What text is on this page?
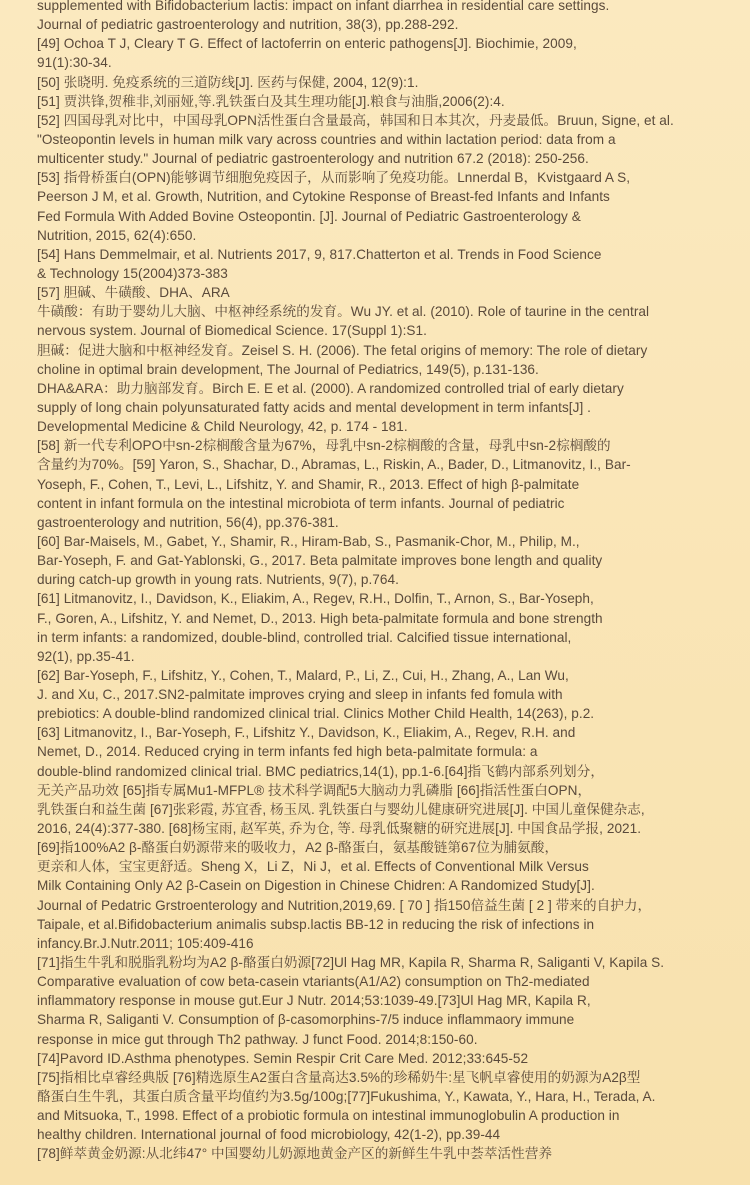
supplemented with Bifidobacterium lactis: impact on infant diarrhea in residential care settings.
Journal of pediatric gastroenterology and nutrition, 38(3), pp.288-292.
[49] Ochoa T J, Cleary T G. Effect of lactoferrin on enteric pathogens[J]. Biochimie, 2009,
91(1):30-34.
[50] 张晓明. 免疫系统的三道防线[J]. 医药与保健, 2004, 12(9):1.
[51] 贾洪锋,贺稚非,刘丽娅,等.乳铁蛋白及其生理功能[J].粮食与油脂,2006(2):4.
[52] 四国母乳对比中，中国母乳OPN活性蛋白含量最高，韩国和日本其次，丹麦最低。Bruun, Signe, et al.
"Osteopontin levels in human milk vary across countries and within lactation period: data from a
multicenter study." Journal of pediatric gastroenterology and nutrition 67.2 (2018): 250-256.
[53] 指骨桥蛋白(OPN)能够调节细胞免疫因子，从而影响了免疫功能。Lnnerdal B，Kvistgaard A S,
Peerson J M, et al. Growth, Nutrition, and Cytokine Response of Breast-fed Infants and Infants
Fed Formula With Added Bovine Osteopontin. [J]. Journal of Pediatric Gastroenterology &
Nutrition, 2015, 62(4):650.
[54] Hans Demmelmair, et al. Nutrients 2017, 9, 817.Chatterton et al. Trends in Food Science
& Technology 15(2004)373-383
[57] 胆碱、牛磺酸、DHA、ARA
牛磺酸：有助于婴幼儿大脑、中枢神经系统的发育。Wu JY. et al. (2010). Role of taurine in the central
nervous system. Journal of Biomedical Science. 17(Suppl 1):S1.
胆碱：促进大脑和中枢神经发育。Zeisel S. H. (2006). The fetal origins of memory: The role of dietary
choline in optimal brain development, The Journal of Pediatrics, 149(5), p.131-136.
DHA&ARA：助力脑部发育。Birch E. E et al. (2000). A randomized controlled trial of early dietary
supply of long chain polyunsaturated fatty acids and mental development in term infants[J] .
Developmental Medicine & Child Neurology, 42, p. 174 - 181.
[58] 新一代专利OPO中sn-2棕榈酸含量为67%，母乳中sn-2棕榈酸的含量，母乳中sn-2棕榈酸的
含量约为70%。[59] Yaron, S., Shachar, D., Abramas, L., Riskin, A., Bader, D., Litmanovitz, I., Bar-
Yoseph, F., Cohen, T., Levi, L., Lifshitz, Y. and Shamir, R., 2013. Effect of high β-palmitate
content in infant formula on the intestinal microbiota of term infants. Journal of pediatric
gastroenterology and nutrition, 56(4), pp.376-381.
[60] Bar-Maisels, M., Gabet, Y., Shamir, R., Hiram-Bab, S., Pasmanik-Chor, M., Philip, M.,
Bar-Yoseph, F. and Gat-Yablonski, G., 2017. Beta palmitate improves bone length and quality
during catch-up growth in young rats. Nutrients, 9(7), p.764.
[61] Litmanovitz, I., Davidson, K., Eliakim, A., Regev, R.H., Dolfin, T., Arnon, S., Bar-Yoseph,
F., Goren, A., Lifshitz, Y. and Nemet, D., 2013. High beta-palmitate formula and bone strength
in term infants: a randomized, double-blind, controlled trial. Calcified tissue international,
92(1), pp.35-41.
[62] Bar-Yoseph, F., Lifshitz, Y., Cohen, T., Malard, P., Li, Z., Cui, H., Zhang, A., Lan Wu,
J. and Xu, C., 2017.SN2-palmitate improves crying and sleep in infants fed fomula with
prebiotics: A double-blind randomized clinical trial. Clinics Mother Child Health, 14(263), p.2.
[63] Litmanovitz, I., Bar-Yoseph, F., Lifshitz Y., Davidson, K., Eliakim, A., Regev, R.H. and
Nemet, D., 2014. Reduced crying in term infants fed high beta-palmitate formula: a
double-blind randomized clinical trial. BMC pediatrics,14(1), pp.1-6.[64]指飞鹤内部系列划分，
无关产品功效 [65]指专属Mu1-MFPL® 技术科学调配5大脑动力乳磷脂 [66]指活性蛋白OPN，
乳铁蛋白和益生菌 [67]张彩霞, 苏宜香, 杨玉凤. 乳铁蛋白与婴幼儿健康研究进展[J]. 中国儿童保健杂志,
2016, 24(4):377-380. [68]杨宝雨, 赵军英, 乔为仓, 等. 母乳低聚糖的研究进展[J]. 中国食品学报, 2021.
[69]指100%A2 β-酪蛋白奶源带来的吸收力，A2 β-酪蛋白，氨基酸链第67位为脯氨酸，
更亲和人体，宝宝更舒适。Sheng X，Li Z，Ni J，et al. Effects of Conventional Milk Versus
Milk Containing Only A2 β-Casein on Digestion in Chinese Chidren: A Randomized Study[J].
Journal of Pedatric Grstroenterology and Nutrition,2019,69. [ 70 ] 指150倍益生菌 [ 2 ] 带来的自护力，
Taipale, et al.Bifidobacterium animalis subsp.lactis BB-12 in reducing the risk of infections in
infancy.Br.J.Nutr.2011; 105:409-416
[71]指生牛乳和脱脂乳粉均为A2 β-酪蛋白奶源[72]Ul Hag MR, Kapila R, Sharma R, Saliganti V, Kapila S.
Comparative evaluation of cow beta-casein vtariants(A1/A2) consumption on Th2-mediated
inflammatory response in mouse gut.Eur J Nutr. 2014;53:1039-49.[73]Ul Hag MR, Kapila R,
Sharma R, Saliganti V. Consumption of β-casomorphins-7/5 induce inflammaory immune
response in mice gut through Th2 pathway. J funct Food. 2014;8:150-60.
[74]Pavord ID.Asthma phenotypes. Semin Respir Crit Care Med. 2012;33:645-52
[75]指相比卓睿经典版 [76]精选原生A2蛋白含量高达3.5%的珍稀奶牛:星飞帆卓睿使用的奶源为A2β型
酪蛋白生牛乳，其蛋白质含量平均值约为3.5g/100g;[77]Fukushima, Y., Kawata, Y., Hara, H., Terada, A.
and Mitsuoka, T., 1998. Effect of a probiotic formula on intestinal immunoglobulin A production in
healthy children. International journal of food microbiology, 42(1-2), pp.39-44
[78]鲜萃黄金奶源:从北纬47° 中国婴幼儿奶源地黄金产区的新鲜生牛乳中荟萃活性营养
